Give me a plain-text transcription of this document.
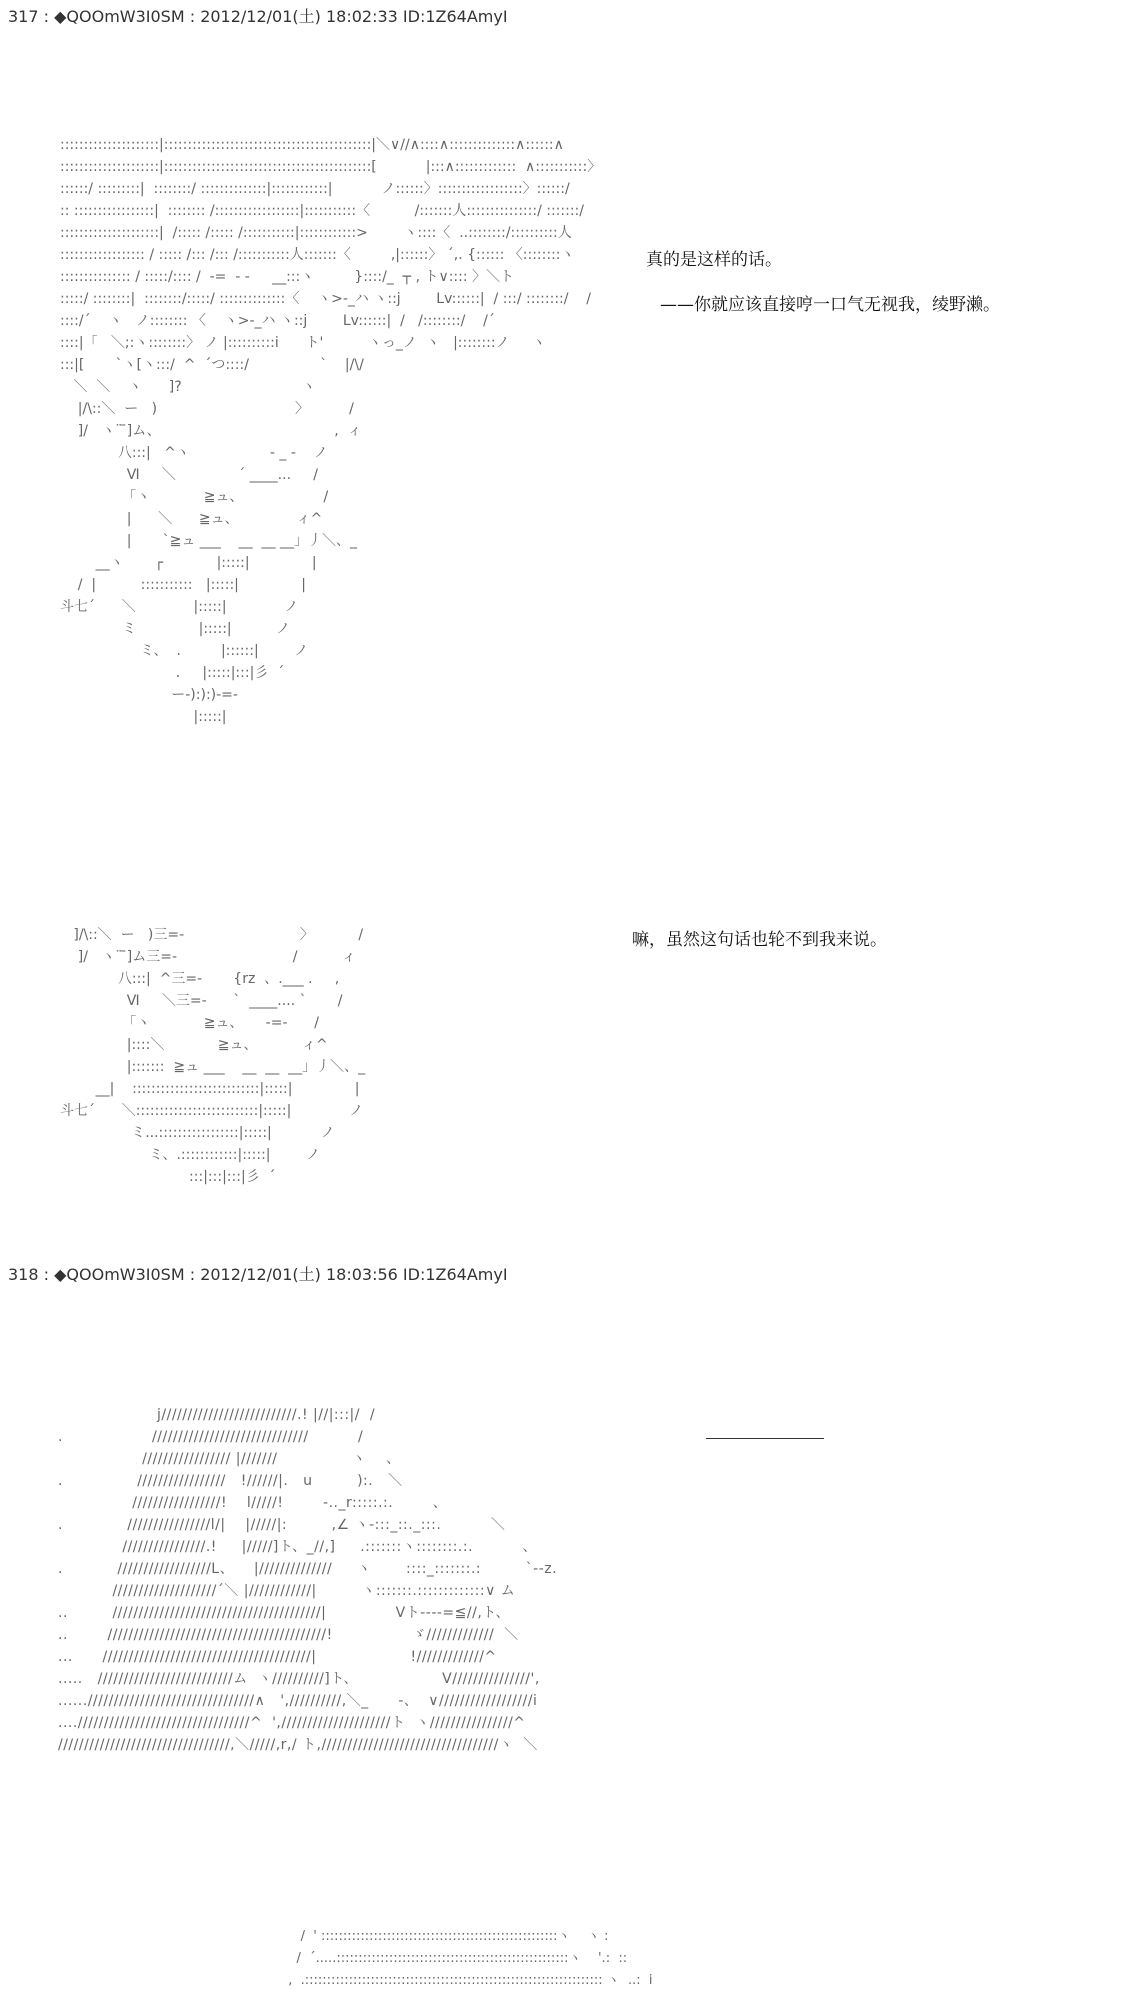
317 : ◆QOOmW3I0SM : 2012/12/01(土) 18:02:33 ID:1Z64AmyI
:::::::::::::::::::::|::::::::::::::::::::::::::::::::::::::::::::|＼∨//∧::::∧::::::::::::::∧::::::∧
:::::::::::::::::::::|::::::::::::::::::::::::::::::::::::::::::::[           |:::∧:::::::::::::  ∧:::::::::::〉
::::::/ :::::::::|  ::::::::/ ::::::::::::::|::::::::::::|           ノ::::::〉::::::::::::::::::〉::::::/
:: :::::::::::::::::|  :::::::: /::::::::::::::::::|:::::::::::〈          /:::::::人:::::::::::::::/ :::::::/
:::::::::::::::::::::|  /::::: /::::: /:::::::::::|::::::::::::>        ヽ::::〈  ..::::::::/::::::::::人
:::::::::::::::::: / ::::: /::: /::: /:::::::::::人:::::::〈         ,|::::::〉 ´,. {:::::: 〈::::::::ヽ
::::::::::::::: / :::::/:::: /  -=  - -     __:::ヽ         }::::/_  ┬ , ト∨:::: 〉＼ト
:::::/ ::::::::|  ::::::::/:::::/ ::::::::::::::〈    ヽ>-_ハ ヽ::j        Lv::::::|  / :::/ ::::::::/    /
::::/´    ヽ   ノ:::::::: 〈    ヽ>-_ハ ヽ::j        Lv::::::|  /   /::::::::/    /´
::::|「   ＼;:ヽ::::::::〉 ノ |::::::::::i      ト'          ヽっ_ノ  ヽ   |::::::::ノ     ヽ
:::|[       `ヽ[ヽ:::/  ^  ´つ::::/                `    |/\/
＼  ＼    ヽ      ]?                           ヽ
|/\::＼  ー   )                               〉         /
]/   ヽ¨ ̄]ム、                                       ,  ィ
八:::|   ^ヽ                  ‐ _ ‐    ノ
Ⅵ     ＼              ´ ____...     /
「ヽ            ≧ュ、                  /
|      ＼      ≧ュ、             ィ^
|       `≧ュ ___    __  __ __」丿＼、_
__ヽ       ┌            |:::::|              |
/  |          :::::::::::   |:::::|              |
斗七´      ＼             |:::::|             ノ
ミ              |:::::|          ノ
ミ、  .         |::::::|        ノ
.     |:::::|:::|彡  ´
ー-):):)-=-
|:::::|
真的是这样的话。
——你就应该直接哼一口气无视我，绫野濑。
]/\::＼  ー   )三=-                          〉          /
]/   ヽ¨ ̄]ム三=-                          /          ィ
八:::|  ^三=-       {rz  、.___ .     ,
Ⅵ     ＼三=-      `  ____.... `       /
「ヽ            ≧ュ、     -=-      /
|::::＼            ≧ュ、          ィ^
|:::::::  ≧ュ ___    __  __  __」丿＼、_
__|    :::::::::::::::::::::::::::|:::::|              |
斗七´      ＼::::::::::::::::::::::::::|:::::|             ノ
ミ...:::::::::::::::::|:::::|           ノ
ミ、.::::::::::::|:::::|        ノ
:::|:::|:::|彡  ´
嘛，虽然这句话也轮不到我来说。
318 : ◆QOOmW3I0SM : 2012/12/01(土) 18:03:56 ID:1Z64AmyI
j//////////////////////////.! |//|:::|/  /
.                  //////////////////////////////          /
///////////////// |///////               ヽ    、
.               /////////////////   !//////|.   u         ):.   ＼
/////////////////!    l/////!        -.._r:::::.:.        、
.             ////////////////l/|    |/////|:         ,∠ ヽ-:::_::._:::.          ＼
////////////////.!     |/////]ト、_//,]     .:::::::ヽ::::::::.:.          、
.           //////////////////L、    |//////////////     ヽ       ::::_:::::::.:         `--z.
////////////////////´＼ |////////////|         ヽ:::::::.:::::::::::::∨ ム
..         ////////////////////////////////////////|              Ⅴト----=≦//,ト、
..        //////////////////////////////////////////!                ゞ/////////////  ＼
...      ////////////////////////////////////////|                   !/////////////^
.....   //////////////////////////ム  ヽ//////////]ト、                 V///////////////',
......////////////////////////////////∧   ',//////////,＼_      -、  ∨//////////////////i
..../////////////////////////////////^  ',/////////////////////ト  ヽ////////////////^
/////////////////////////////////,＼/////,r,/ ト,//////////////////////////////////ヽ  ＼
/  ' ::::::::::::::::::::::::::::::::::::::::::::::::::::::ヽ    ヽ :
/  ´.....:::::::::::::::::::::::::::::::::::::::::::::::::::::ヽ    '.:  ::
,  .:::::::::::::::::::::::::::::::::::::::::::::::::::::::::::::::::::: ヽ  ..:  i
